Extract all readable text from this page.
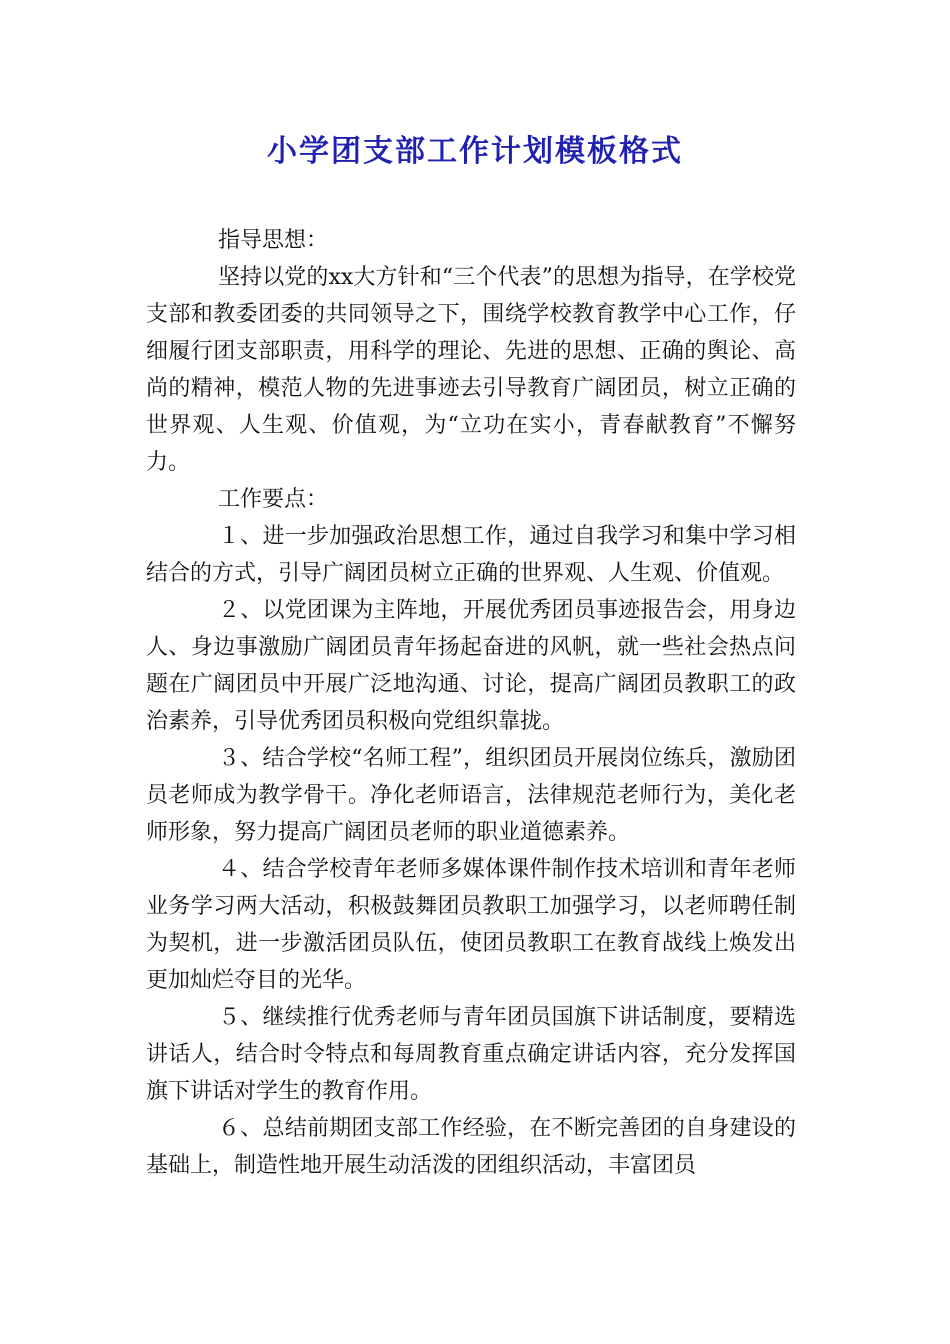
小学团支部工作计划模板格式

指导思想：

坚持以党的xx大方针和“三个代表”的思想为指导，在学校党支部和教委团委的共同领导之下，围绕学校教育教学中心工作，仔细履行团支部职责，用科学的理论、先进的思想、正确的舆论、高尚的精神，模范人物的先进事迹去引导教育广阔团员，树立正确的世界观、人生观、价值观，为“立功在实小，青春献教育”不懈努力。

工作要点：

１、进一步加强政治思想工作，通过自我学习和集中学习相结合的方式，引导广阔团员树立正确的世界观、人生观、价值观。

２、以党团课为主阵地，开展优秀团员事迹报告会，用身边人、身边事激励广阔团员青年扬起奋进的风帆，就一些社会热点问题在广阔团员中开展广泛地沟通、讨论，提高广阔团员教职工的政治素养，引导优秀团员积极向党组织靠拢。

３、结合学校“名师工程”，组织团员开展岗位练兵，激励团员老师成为教学骨干。净化老师语言，法律规范老师行为，美化老师形象，努力提高广阔团员老师的职业道德素养。

４、结合学校青年老师多媒体课件制作技术培训和青年老师业务学习两大活动，积极鼓舞团员教职工加强学习，以老师聘任制为契机，进一步激活团员队伍，使团员教职工在教育战线上焕发出更加灿烂夺目的光华。

５、继续推行优秀老师与青年团员国旗下讲话制度，要精选讲话人，结合时令特点和每周教育重点确定讲话内容，充分发挥国旗下讲话对学生的教育作用。

６、总结前期团支部工作经验，在不断完善团的自身建设的基础上，制造性地开展生动活泼的团组织活动，丰富团员
